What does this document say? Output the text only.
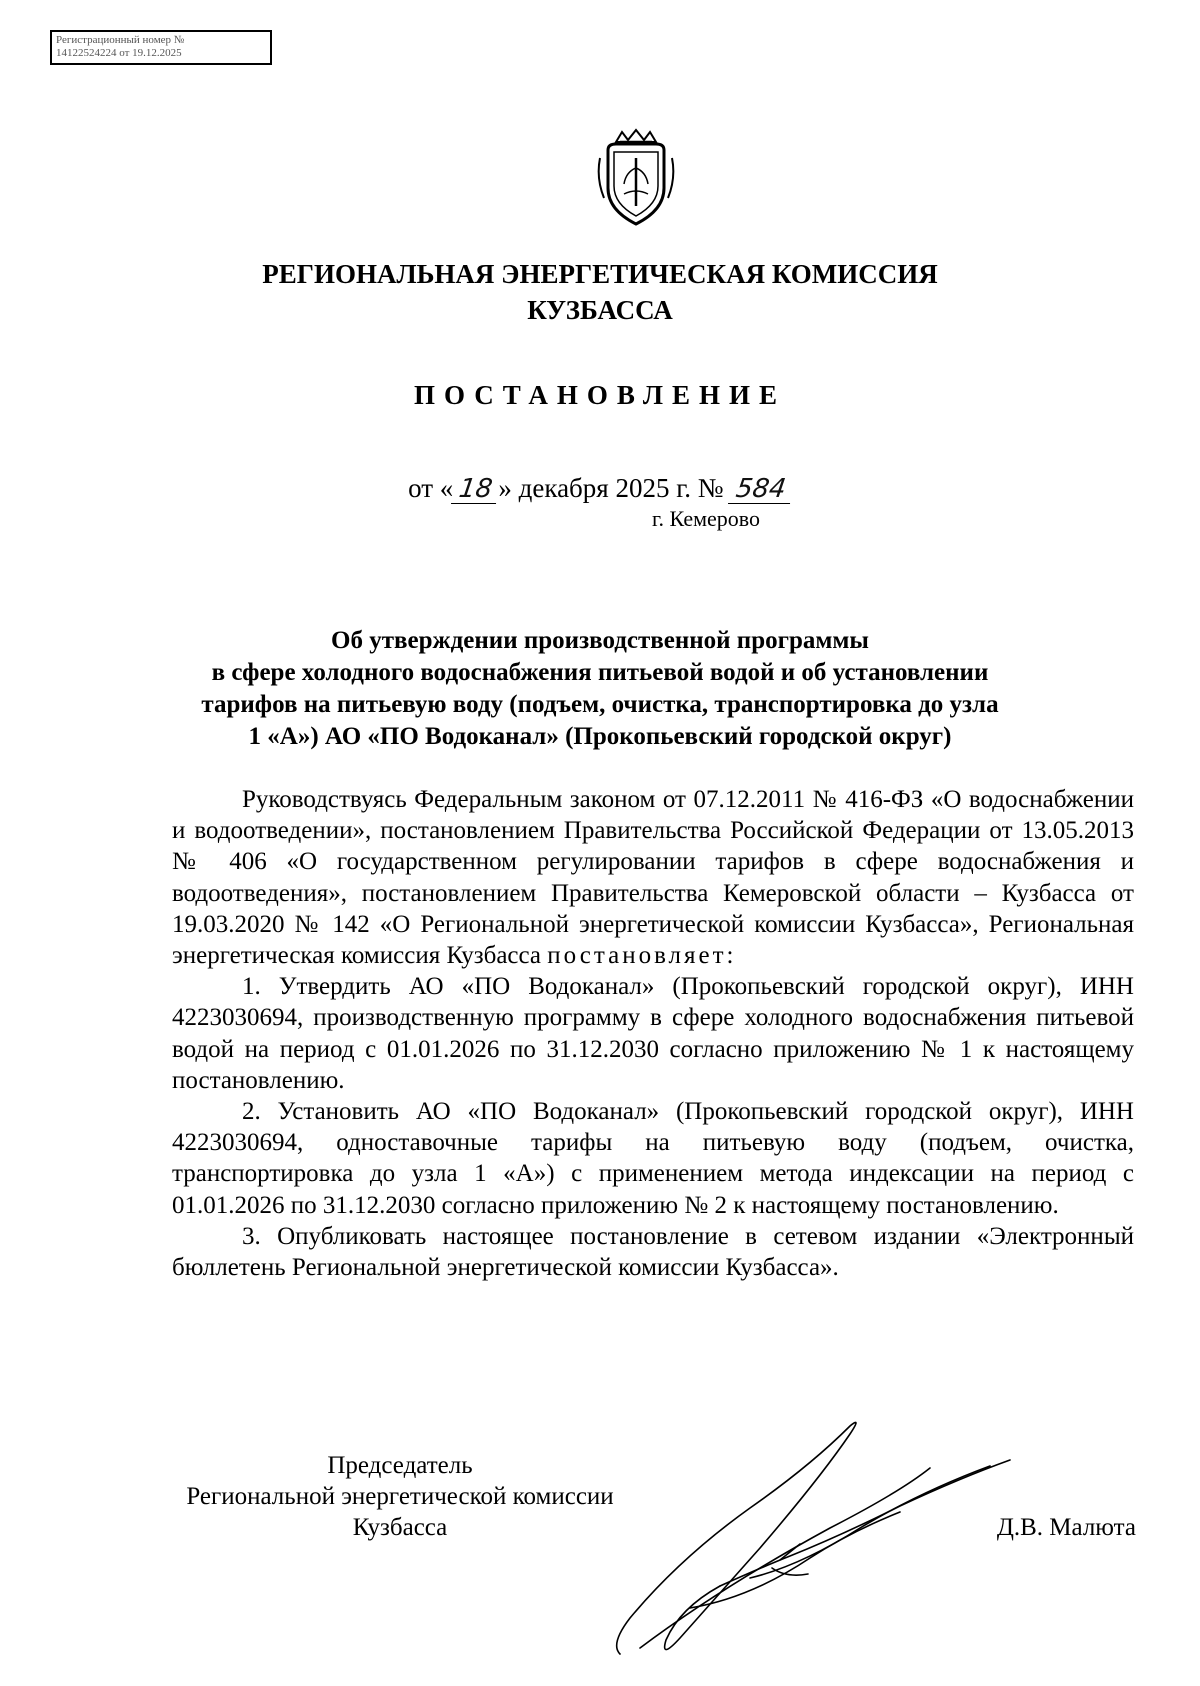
Регистрационный номер №
14122524224 от 19.12.2025
РЕГИОНАЛЬНАЯ ЭНЕРГЕТИЧЕСКАЯ КОМИССИЯ
КУЗБАССА
ПОСТАНОВЛЕНИЕ
от « 18 » декабря 2025 г. № 584
г. Кемерово
Об утверждении производственной программы
в сфере холодного водоснабжения питьевой водой и об установлении
тарифов на питьевую воду (подъем, очистка, транспортировка до узла
1 «А») АО «ПО Водоканал» (Прокопьевский городской округ)

Руководствуясь Федеральным законом от 07.12.2011 № 416-ФЗ «О водоснабжении и водоотведении», постановлением Правительства Российской Федерации от 13.05.2013 № 406 «О государственном регулировании тарифов в сфере водоснабжения и водоотведения», постановлением Правительства Кемеровской области – Кузбасса от 19.03.2020 № 142 «О Региональной энергетической комиссии Кузбасса», Региональная энергетическая комиссия Кузбасса постановляет:

1. Утвердить АО «ПО Водоканал» (Прокопьевский городской округ), ИНН 4223030694, производственную программу в сфере холодного водоснабжения питьевой водой на период с 01.01.2026 по 31.12.2030 согласно приложению № 1 к настоящему постановлению.

2. Установить АО «ПО Водоканал» (Прокопьевский городской округ), ИНН 4223030694, одноставочные тарифы на питьевую воду (подъем, очистка, транспортировка до узла 1 «А») с применением метода индексации на период с 01.01.2026 по 31.12.2030 согласно приложению № 2 к настоящему постановлению.

3. Опубликовать настоящее постановление в сетевом издании «Электронный бюллетень Региональной энергетической комиссии Кузбасса».

Председатель
Региональной энергетической комиссии
Кузбасса	Д.В. Малюта
